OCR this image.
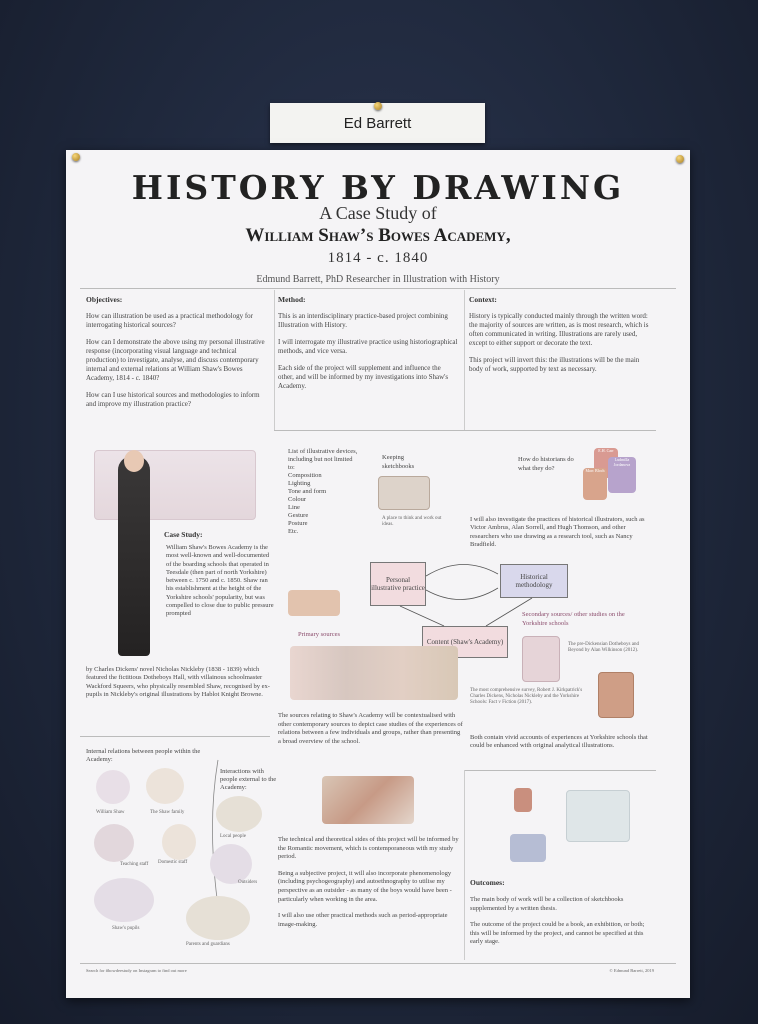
Ed Barrett
HISTORY BY DRAWING
A Case Study of
William Shaw’s Bowes Academy,
1814 - c. 1840
Edmund Barrett, PhD Researcher in Illustration with History
Objectives:

How can illustration be used as a practical methodology for interrogating historical sources?

How can I demonstrate the above using my personal illustrative response (incorporating visual language and technical production) to investigate, analyse, and discuss contemporary internal and external relations at William Shaw's Bowes Academy, 1814 - c. 1840?

How can I use historical sources and methodologies to inform and improve my illustration practice?

Method:

This is an interdisciplinary practice-based project combining Illustration with History.

I will interrogate my illustrative practice using historiographical methods, and vice versa.

Each side of the project will supplement and influence the other, and will be informed by my investigations into Shaw's Academy.

Context:

History is typically conducted mainly through the written word: the majority of sources are written, as is most research, which is often communicated in writing. Illustrations are rarely used, except to either support or decorate the text.

This project will invert this: the illustrations will be the main body of work, supported by text as necessary.

Case Study:
William Shaw's Bowes Academy is the most well-known and well-documented of the boarding schools that operated in Teesdale (then part of north Yorkshire) between c. 1750 and c. 1850. Shaw ran his establishment at the height of the Yorkshire schools' popularity, but was compelled to close due to public pressure prompted
by Charles Dickens' novel Nicholas Nickleby (1838 - 1839) which featured the fictitious Dotheboys Hall, with villainous schoolmaster Wackford Squeers, who physically resembled Shaw, recognised by ex-pupils in Nickleby's original illustrations by Hablot Knight Browne.
List of illustrative devices, including but not limited to:
Composition
Lighting
Tone and form
Colour
Line
Gesture
Posture
Etc.
Keeping sketchbooks
A place to think and work out ideas.
How do historians do what they do?
E.H. Carr
Ludmilla Jordanova
Marc Bloch
I will also investigate the practices of historical illustrators, such as Victor Ambrus, Alan Sorrell, and Hugh Thomson, and other researchers who use drawing as a research tool, such as Nancy Bradfield.
Personal illustrative practice
Historical methodology
Content (Shaw's Academy)
Primary sources
Secondary sources/ other studies on the Yorkshire schools
The pre-Dickensian Dotheboys and Beyond by Alan Wilkinson (2012).
The most comprehensive survey, Robert J. Kirkpatrick's Charles Dickens, Nicholas Nickleby and the Yorkshire Schools: Fact v Fiction (2017).
Both contain vivid accounts of experiences at Yorkshire schools that could be enhanced with original analytical illustrations.
The sources relating to Shaw's Academy will be contextualised with other contemporary sources to depict case studies of the experiences of relations between a few individuals and groups, rather than presenting a broad overview of the school.

The technical and theoretical sides of this project will be informed by the Romantic movement, which is contemporaneous with my study period.

Being a subjective project, it will also incorporate phenomenology (including psychogeography) and autoethnography to utilise my perspective as an outsider - as many of the boys would have been - particularly when working in the area.

I will also use other practical methods such as period-appropriate image-making.

Internal relations between people within the Academy:
Interactions with people external to the Academy:
William Shaw	The Shaw family
Teaching staff	Domestic staff
Shaw's pupils
Local people
Outsiders
Parents and guardians
Outcomes:

The main body of work will be a collection of sketchbooks supplemented by a written thesis.

The outcome of the project could be a book, an exhibition, or both; this will be informed by the project, and cannot be specified at this early stage.

Search for #bowdeestudy on Instagram to find out more	© Edmund Barrett, 2019
